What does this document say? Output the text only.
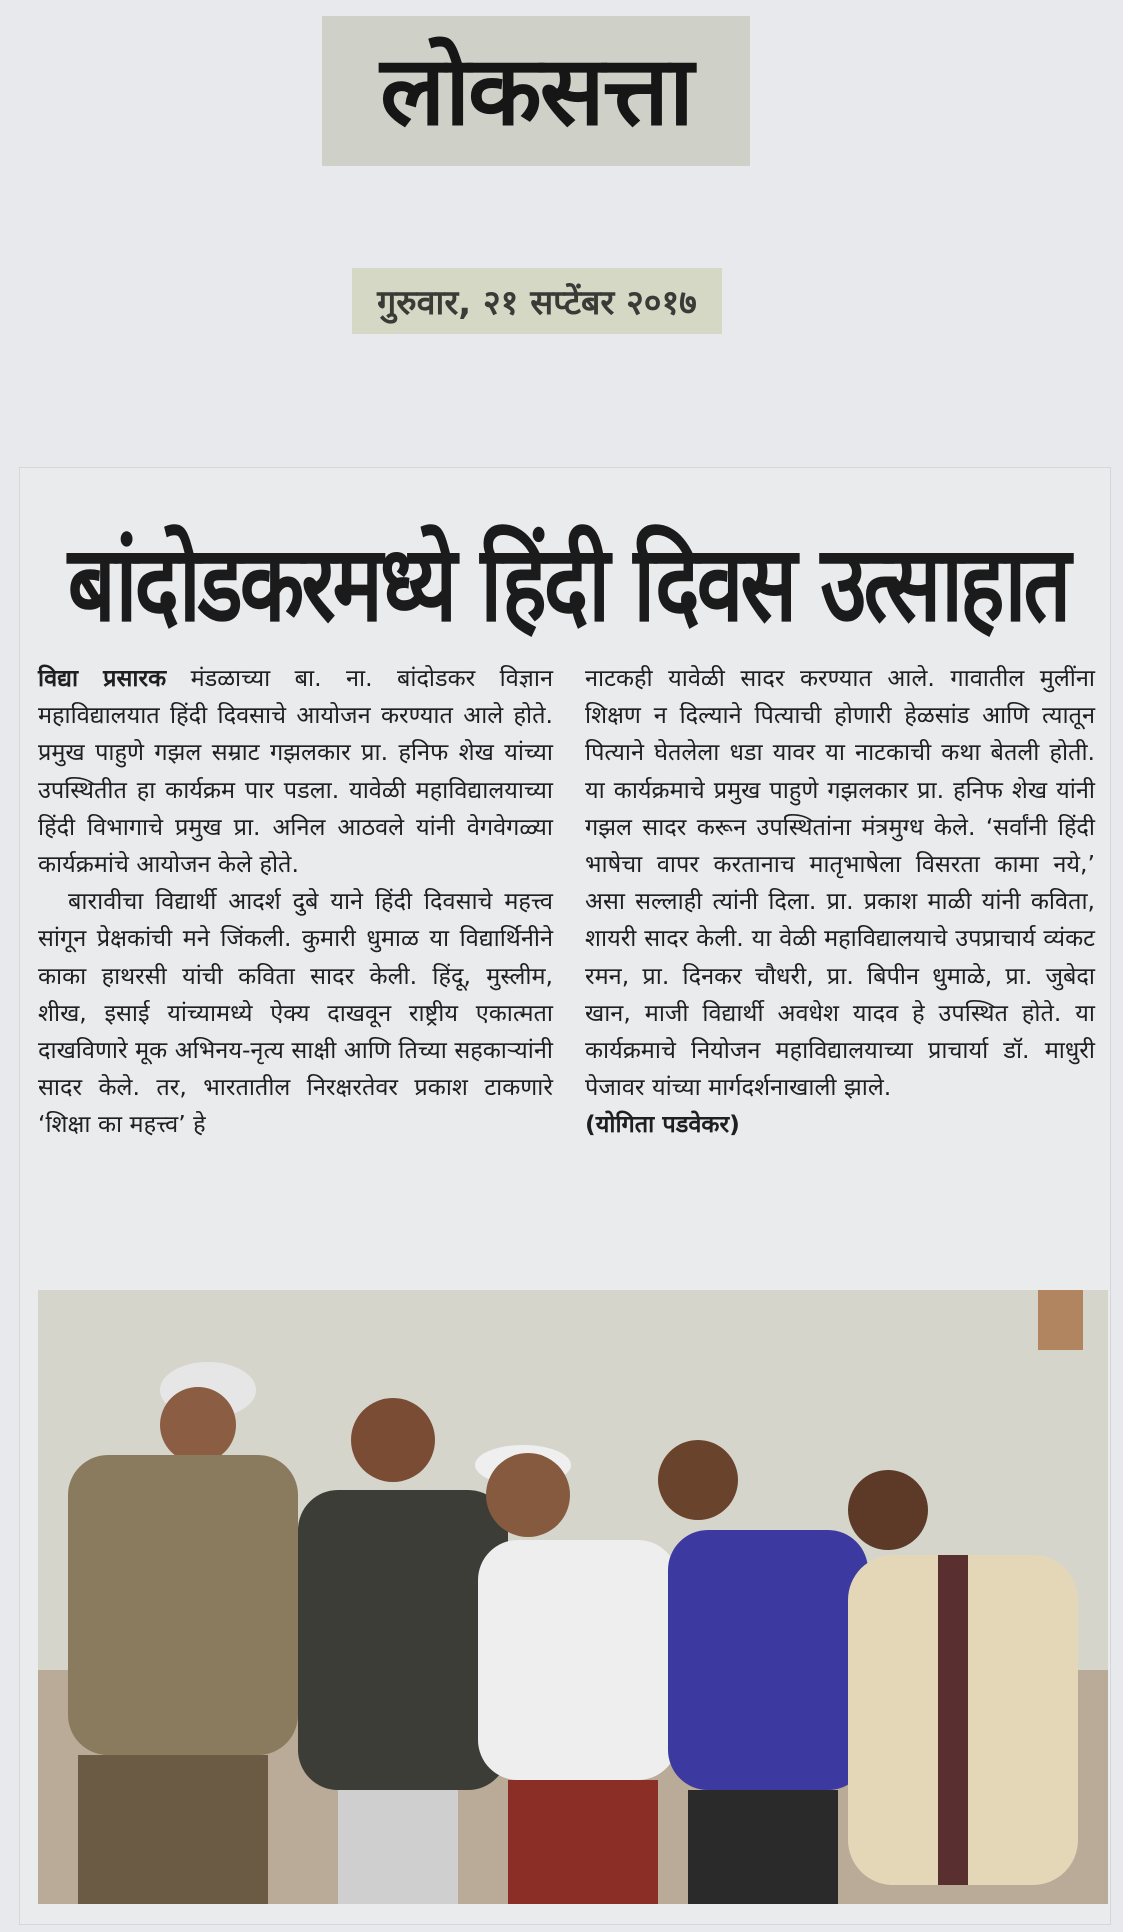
लोकसत्ता
गुरुवार, २१ सप्टेंबर २०१७
बांदोडकरमध्ये हिंदी दिवस उत्साहात

विद्या प्रसारक मंडळाच्या बा. ना. बांदोडकर विज्ञान महाविद्यालयात हिंदी दिवसाचे आयोजन करण्यात आले होते. प्रमुख पाहुणे गझल सम्राट गझलकार प्रा. हनिफ शेख यांच्या उपस्थितीत हा कार्यक्रम पार पडला. यावेळी महाविद्यालयाच्या हिंदी विभागाचे प्रमुख प्रा. अनिल आठवले यांनी वेगवेगळ्या कार्यक्रमांचे आयोजन केले होते.

बारावीचा विद्यार्थी आदर्श दुबे याने हिंदी दिवसाचे महत्त्व सांगून प्रेक्षकांची मने जिंकली. कुमारी धुमाळ या विद्यार्थिनीने काका हाथरसी यांची कविता सादर केली. हिंदू, मुस्लीम, शीख, इसाई यांच्यामध्ये ऐक्य दाखवून राष्ट्रीय एकात्मता दाखविणारे मूक अभिनय-नृत्य साक्षी आणि तिच्या सहकाऱ्यांनी सादर केले. तर, भारतातील निरक्षरतेवर प्रकाश टाकणारे ‘शिक्षा का महत्त्व’ हे

नाटकही यावेळी सादर करण्यात आले. गावातील मुलींना शिक्षण न दिल्याने पित्याची होणारी हेळसांड आणि त्यातून पित्याने घेतलेला धडा यावर या नाटकाची कथा बेतली होती. या कार्यक्रमाचे प्रमुख पाहुणे गझलकार प्रा. हनिफ शेख यांनी गझल सादर करून उपस्थितांना मंत्रमुग्ध केले. ‘सर्वांनी हिंदी भाषेचा वापर करतानाच मातृभाषेला विसरता कामा नये,’ असा सल्लाही त्यांनी दिला. प्रा. प्रकाश माळी यांनी कविता, शायरी सादर केली. या वेळी महाविद्यालयाचे उपप्राचार्य व्यंकट रमन, प्रा. दिनकर चौधरी, प्रा. बिपीन धुमाळे, प्रा. जुबेदा खान, माजी विद्यार्थी अवधेश यादव हे उपस्थित होते. या कार्यक्रमाचे नियोजन महाविद्यालयाच्या प्राचार्या डॉ. माधुरी पेजावर यांच्या मार्गदर्शनाखाली झाले.

(योगिता पडवेकर)
